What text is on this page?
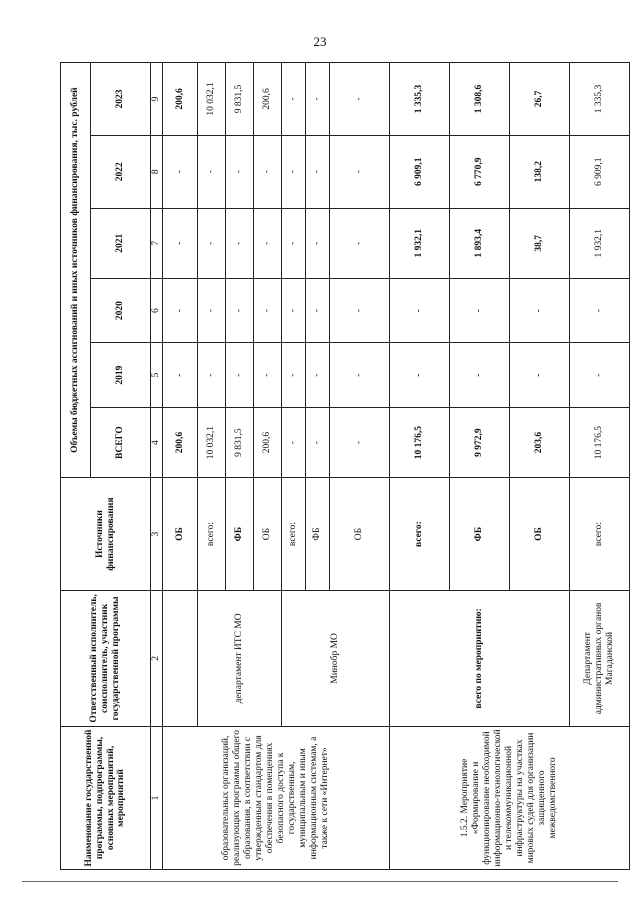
23
Наименование государственной программы, подпрограммы, основных мероприятий, мероприятий	Ответственный исполнитель, соисполнитель, участник государственной программы	Источники финансирования	Объемы бюджетных ассигнований и иных источников финансирования, тыс. рублей					
			ВСЕГО	2019	2020	2021	2022	2023
1	2	3	4	5	6	7	8	9
образовательных организаций, реализующих программы общего образования, в соответствии с утвержденным стандартом для обеспечения в помещениях безопасного доступа к государственным, муниципальным и иным информационным системам, а также к сети «Интернет»		ОБ	200,6	-	-	-	-	200,6
	департамент ИТС МО	всего:	10 032,1	-	-	-	-	10 032,1
		ФБ	9 831,5	-	-	-	-	9 831,5
		ОБ	200,6	-	-	-	-	200,6
	Минобр МО	всего:	-	-	-	-	-	-
		ФБ	-	-	-	-	-	-
		ОБ	-	-	-	-	-	-
1.5.2. Мероприятие «Формирование и функционирование необходимой информационно-технологической и телекоммуникационной инфраструктуры на участках мировых судей для организации защищенного межведомственного	всего по мероприятию:	всего:	10 176,5	-	-	1 932,1	6 909,1	1 335,3
		ФБ	9 972,9	-	-	1 893,4	6 770,9	1 308,6
		ОБ	203,6	-	-	38,7	138,2	26,7
	Департамент административных органов Магаданской	всего:	10 176,5	-	-	1 932,1	6 909,1	1 335,3
